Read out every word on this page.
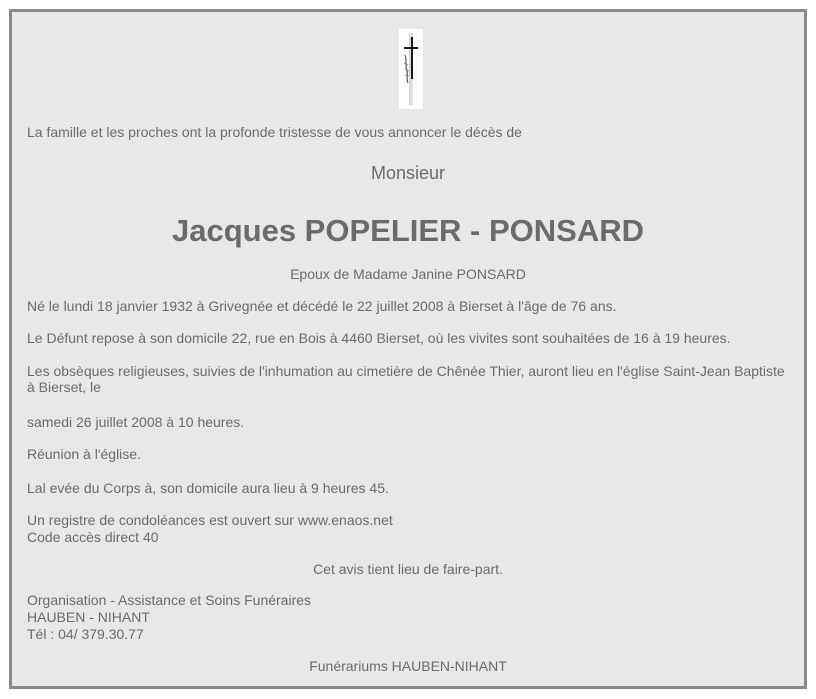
La famille et les proches ont la profonde tristesse de vous annoncer le décès de
Monsieur
Jacques POPELIER - PONSARD
Epoux de Madame Janine PONSARD
Né le lundi 18 janvier 1932 à Grivegnée et décédé le 22 juillet 2008 à Bierset à l'âge de 76 ans.
Le Défunt repose à son domicile 22, rue en Bois à 4460 Bierset, où les vivites sont souhaitées de 16 à 19 heures.
Les obsèques religieuses, suivies de l'inhumation au cimetière de Chênée Thier, auront lieu en l'église Saint-Jean Baptiste à Bierset, le
samedi 26 juillet 2008 à 10 heures.
Réunion à l'église.
Lal evée du Corps à, son domicile aura lieu à 9 heures 45.
Un registre de condoléances est ouvert sur www.enaos.net
Code accès direct 40
Cet avis tient lieu de faire-part.
Organisation - Assistance et Soins Funéraires
HAUBEN - NIHANT
Tél : 04/ 379.30.77
Funérariums HAUBEN-NIHANT
